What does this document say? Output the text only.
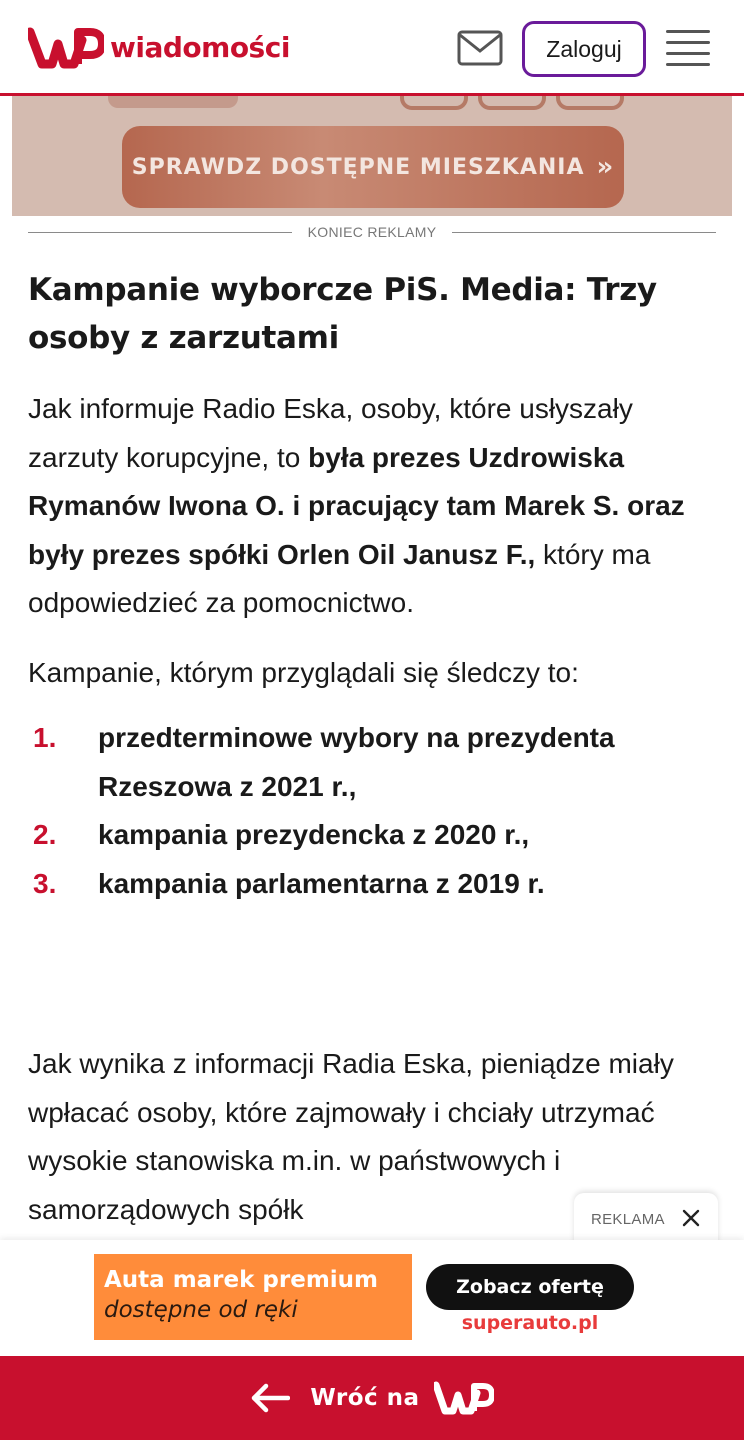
wiadomości	Zaloguj
SPRAWDZ DOSTĘPNE MIESZKANIA »
KONIEC REKLAMY
Kampanie wyborcze PiS. Media: Trzy osoby z zarzutami

Jak informuje Radio Eska, osoby, które usłyszały zarzuty korupcyjne, to była prezes Uzdrowiska Rymanów Iwona O. i pracujący tam Marek S. oraz były prezes spółki Orlen Oil Janusz F., który ma odpowiedzieć za pomocnictwo.

Kampanie, którym przyglądali się śledczy to:

1. przedterminowe wybory na prezydenta Rzeszowa z 2021 r.,
2. kampania prezydencka z 2020 r.,
3. kampania parlamentarna z 2019 r.

Jak wynika z informacji Radia Eska, pieniądze miały wpłacać osoby, które zajmowały i chciały utrzymać wysokie stanowiska m.in. w państwowych i samorządowych spółk	REKLAMA
Auta marek premium
dostępne od ręki
Zobacz ofertę
superauto.pl
Wróć na
